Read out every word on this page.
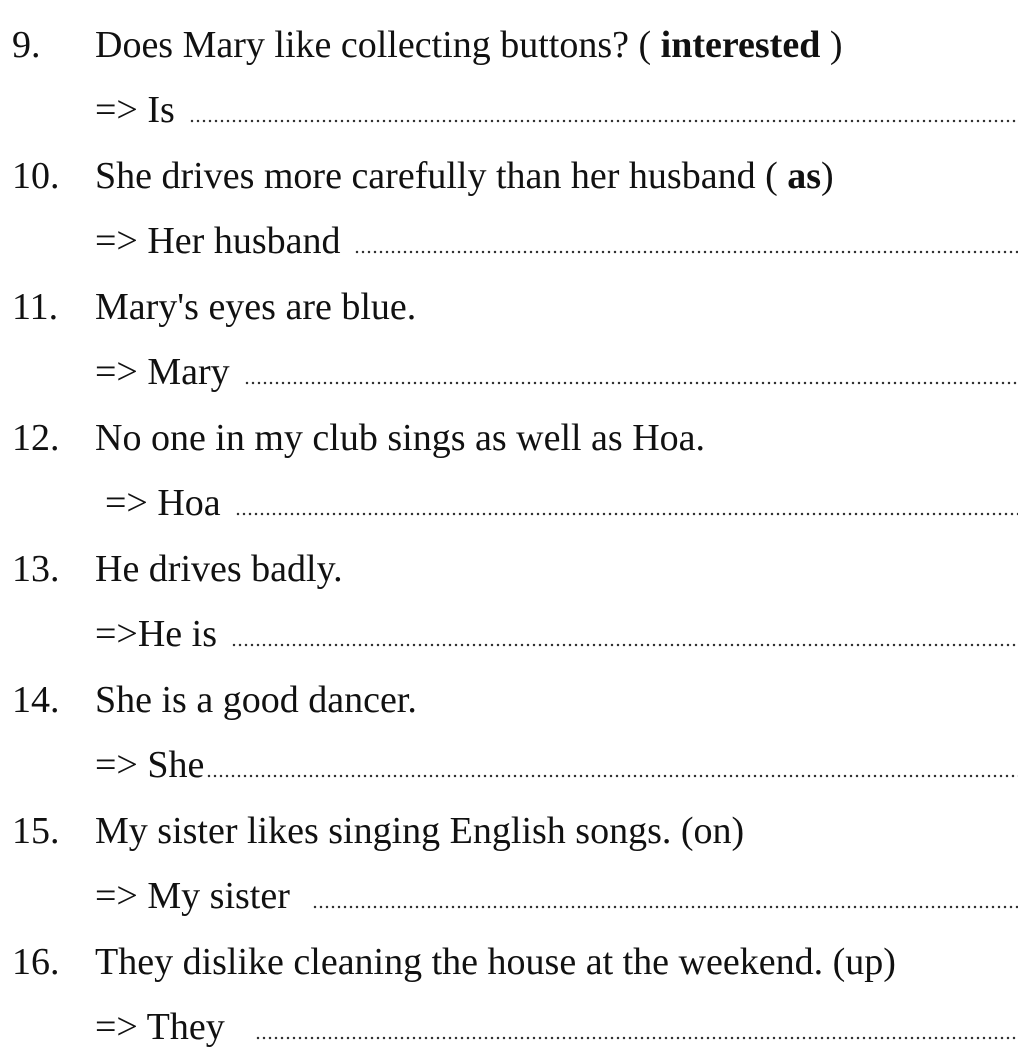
9.	Does Mary like collecting buttons? ( interested )
=> Is
10. She drives more carefully than her husband ( as)
=> Her husband
11. Mary's eyes are blue.
=> Mary
12. No one in my club sings as well as Hoa.
=> Hoa
13. He drives badly.
=>He is
14. She is a good dancer.
=> She
15. My sister likes singing English songs. (on)
=> My sister
16. They dislike cleaning the house at the weekend. (up)
=> They
